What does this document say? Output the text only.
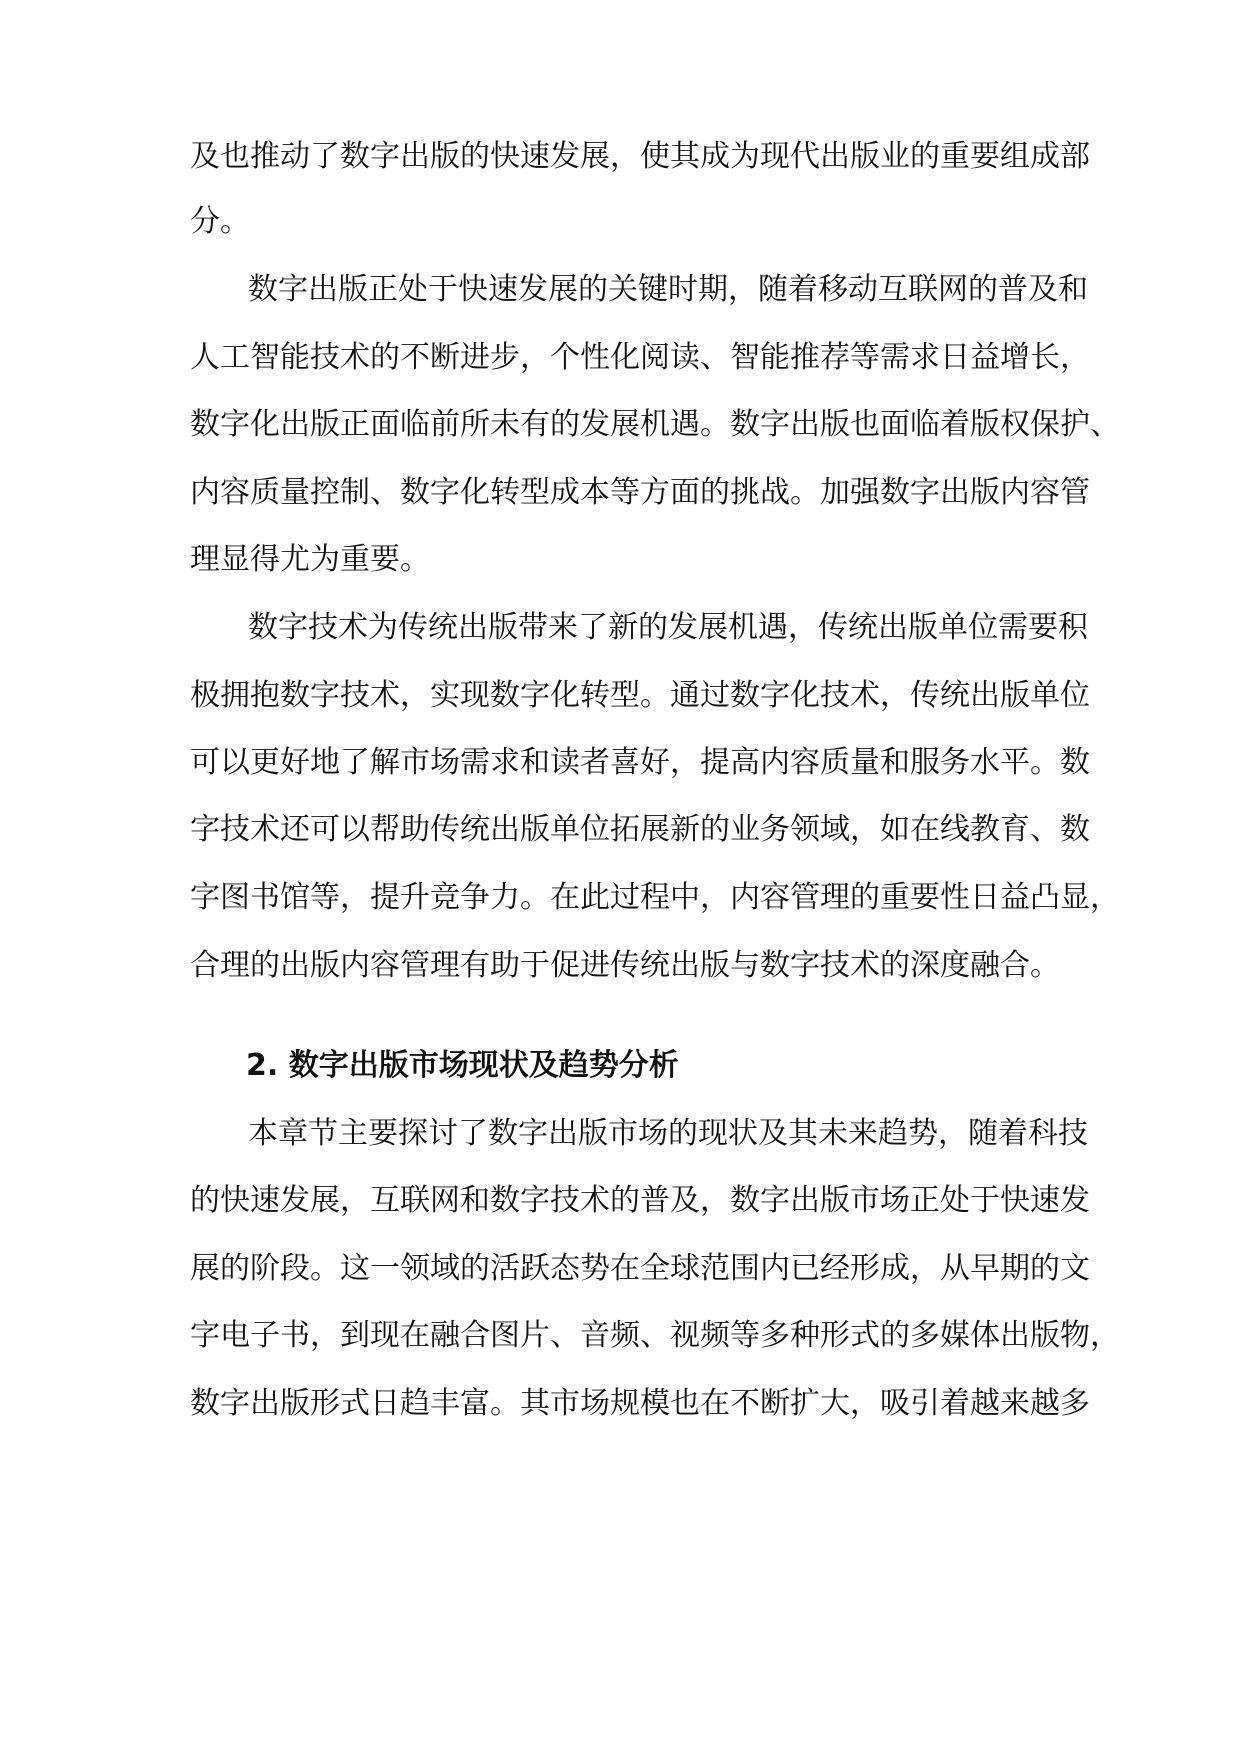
及也推动了数字出版的快速发展，使其成为现代出版业的重要组成部
分。
数字出版正处于快速发展的关键时期，随着移动互联网的普及和
人工智能技术的不断进步，个性化阅读、智能推荐等需求日益增长，
数字化出版正面临前所未有的发展机遇。数字出版也面临着版权保护、
内容质量控制、数字化转型成本等方面的挑战。加强数字出版内容管
理显得尤为重要。
数字技术为传统出版带来了新的发展机遇，传统出版单位需要积
极拥抱数字技术，实现数字化转型。通过数字化技术，传统出版单位
可以更好地了解市场需求和读者喜好，提高内容质量和服务水平。数
字技术还可以帮助传统出版单位拓展新的业务领域，如在线教育、数
字图书馆等，提升竞争力。在此过程中，内容管理的重要性日益凸显，
合理的出版内容管理有助于促进传统出版与数字技术的深度融合。
2. 数字出版市场现状及趋势分析
本章节主要探讨了数字出版市场的现状及其未来趋势，随着科技
的快速发展，互联网和数字技术的普及，数字出版市场正处于快速发
展的阶段。这一领域的活跃态势在全球范围内已经形成，从早期的文
字电子书，到现在融合图片、音频、视频等多种形式的多媒体出版物，
数字出版形式日趋丰富。其市场规模也在不断扩大，吸引着越来越多
